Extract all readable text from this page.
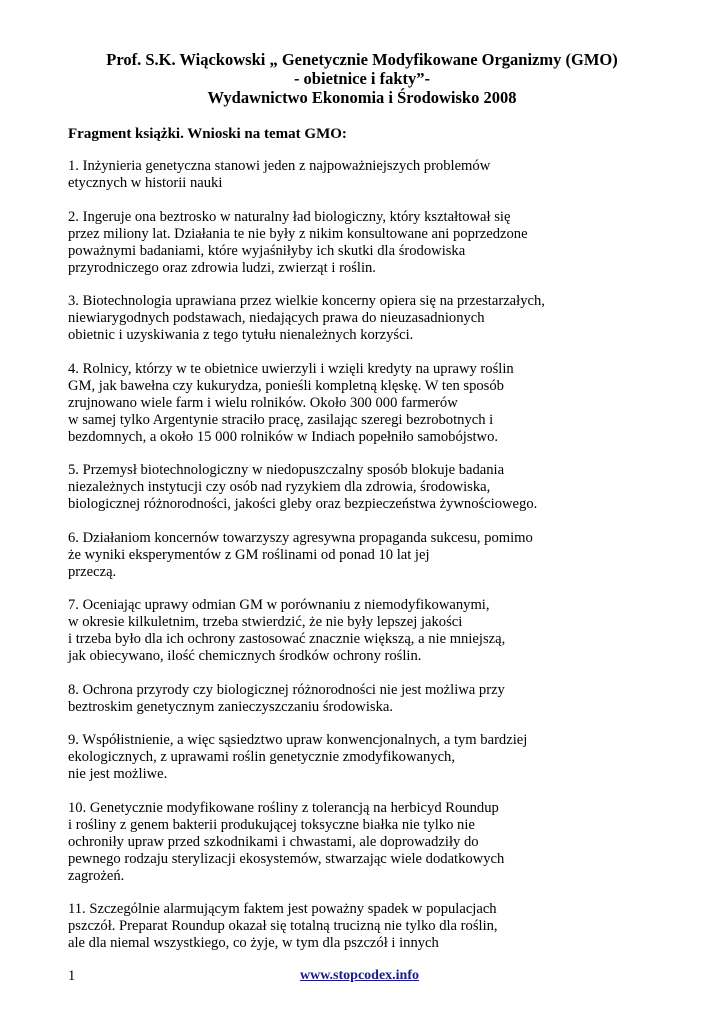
Prof. S.K. Wiąckowski „ Genetycznie Modyfikowane Organizmy (GMO)
- obietnice i fakty”-
Wydawnictwo Ekonomia i Środowisko 2008
Fragment książki. Wnioski na temat GMO:
1. Inżynieria genetyczna stanowi jeden z najpoważniejszych problemów
etycznych w historii nauki
2. Ingeruje ona beztrosko w naturalny ład biologiczny, który kształtował się
przez miliony lat. Działania te nie były z nikim konsultowane ani poprzedzone
poważnymi badaniami, które wyjaśniłyby ich skutki dla środowiska
przyrodniczego oraz zdrowia ludzi, zwierząt i roślin.
3. Biotechnologia uprawiana przez wielkie koncerny opiera się na przestarzałych,
niewiarygodnych podstawach, niedających prawa do nieuzasadnionych
obietnic i uzyskiwania z tego tytułu nienależnych korzyści.
4. Rolnicy, którzy w te obietnice uwierzyli i wzięli kredyty na uprawy roślin
GM, jak bawełna czy kukurydza, ponieśli kompletną klęskę. W ten sposób
zrujnowano wiele farm i wielu rolników. Około 300 000 farmerów
w samej tylko Argentynie straciło pracę, zasilając szeregi bezrobotnych i
bezdomnych, a około 15 000 rolników w Indiach popełniło samobójstwo.
5. Przemysł biotechnologiczny w niedopuszczalny sposób blokuje badania
niezależnych instytucji czy osób nad ryzykiem dla zdrowia, środowiska,
biologicznej różnorodności, jakości gleby oraz bezpieczeństwa żywnościowego.
6. Działaniom koncernów towarzyszy agresywna propaganda sukcesu, pomimo
że wyniki eksperymentów z GM roślinami od ponad 10 lat jej
przeczą.
7. Oceniając uprawy odmian GM w porównaniu z niemodyfikowanymi,
w okresie kilkuletnim, trzeba stwierdzić, że nie były lepszej jakości
i trzeba było dla ich ochrony zastosować znacznie większą, a nie mniejszą,
jak obiecywano, ilość chemicznych środków ochrony roślin.
8. Ochrona przyrody czy biologicznej różnorodności nie jest możliwa przy
beztroskim genetycznym zanieczyszczaniu środowiska.
9. Współistnienie, a więc sąsiedztwo upraw konwencjonalnych, a tym bardziej
ekologicznych, z uprawami roślin genetycznie zmodyfikowanych,
nie jest możliwe.
10. Genetycznie modyfikowane rośliny z tolerancją na herbicyd Roundup
i rośliny z genem bakterii produkującej toksyczne białka nie tylko nie
ochroniły upraw przed szkodnikami i chwastami, ale doprowadziły do
pewnego rodzaju sterylizacji ekosystemów, stwarzając wiele dodatkowych
zagrożeń.
11. Szczególnie alarmującym faktem jest poważny spadek w populacjach
pszczół. Preparat Roundup okazał się totalną trucizną nie tylko dla roślin,
ale dla niemal wszystkiego, co żyje, w tym dla pszczół i innych
1	www.stopcodex.info
